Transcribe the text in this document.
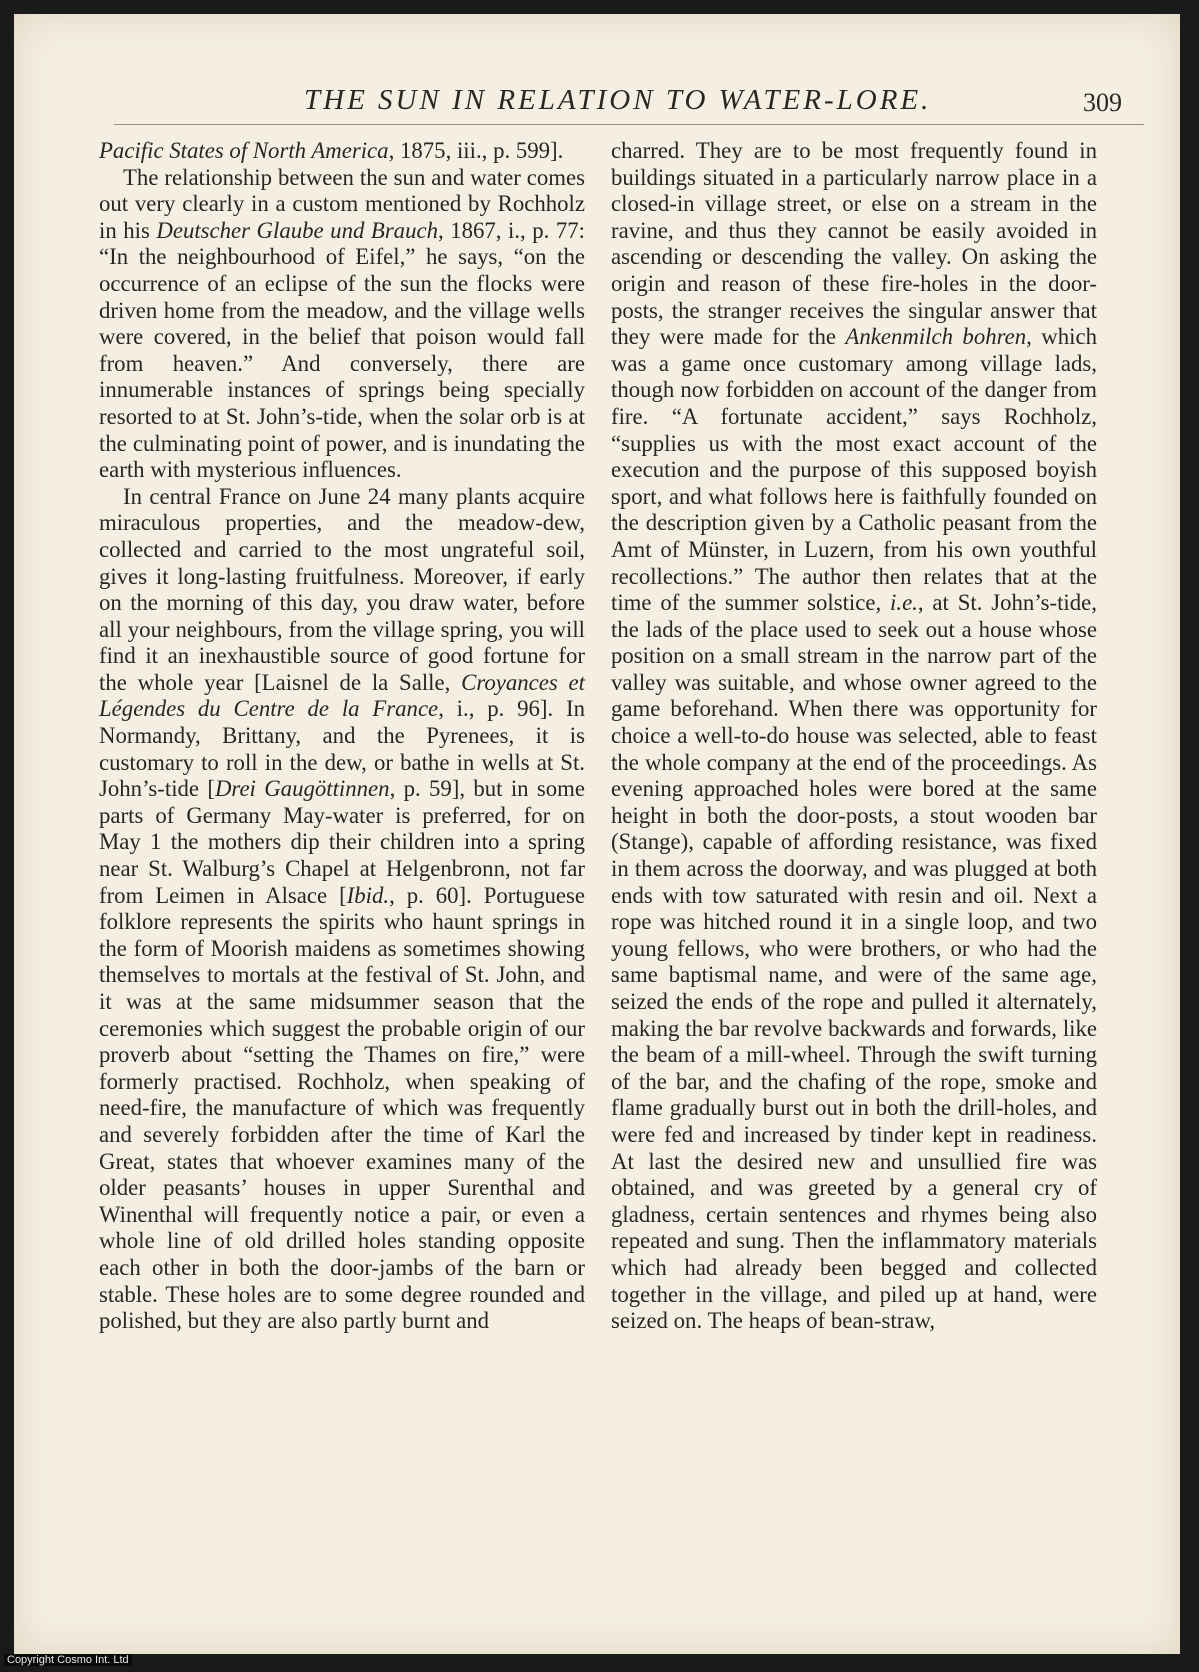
THE SUN IN RELATION TO WATER-LORE.	309

Pacific States of North America, 1875, iii., p. 599].

The relationship between the sun and water comes out very clearly in a custom mentioned by Rochholz in his Deutscher Glaube und Brauch, 1867, i., p. 77: “In the neighbourhood of Eifel,” he says, “on the occurrence of an eclipse of the sun the flocks were driven home from the meadow, and the village wells were covered, in the belief that poison would fall from heaven.” And conversely, there are innumerable instances of springs being specially resorted to at St. John’s-tide, when the solar orb is at the culminating point of power, and is inundating the earth with mysterious influences.

In central France on June 24 many plants acquire miraculous properties, and the meadow-dew, collected and carried to the most ungrateful soil, gives it long-lasting fruitfulness. Moreover, if early on the morning of this day, you draw water, before all your neighbours, from the village spring, you will find it an inexhaustible source of good fortune for the whole year [Laisnel de la Salle, Croyances et Légendes du Centre de la France, i., p. 96]. In Normandy, Brittany, and the Pyrenees, it is customary to roll in the dew, or bathe in wells at St. John’s-tide [Drei Gaugöttinnen, p. 59], but in some parts of Germany May-water is preferred, for on May 1 the mothers dip their children into a spring near St. Walburg’s Chapel at Helgenbronn, not far from Leimen in Alsace [Ibid., p. 60]. Portuguese folklore represents the spirits who haunt springs in the form of Moorish maidens as sometimes showing themselves to mortals at the festival of St. John, and it was at the same midsummer season that the ceremonies which suggest the probable origin of our proverb about “setting the Thames on fire,” were formerly practised. Rochholz, when speaking of need-fire, the manufacture of which was frequently and severely forbidden after the time of Karl the Great, states that whoever examines many of the older peasants’ houses in upper Surenthal and Winenthal will frequently notice a pair, or even a whole line of old drilled holes standing opposite each other in both the door-jambs of the barn or stable. These holes are to some degree rounded and polished, but they are also partly burnt and

charred. They are to be most frequently found in buildings situated in a particularly narrow place in a closed-in village street, or else on a stream in the ravine, and thus they cannot be easily avoided in ascending or descending the valley. On asking the origin and reason of these fire-holes in the door-posts, the stranger receives the singular answer that they were made for the Ankenmilch bohren, which was a game once customary among village lads, though now forbidden on account of the danger from fire. “A fortunate accident,” says Rochholz, “supplies us with the most exact account of the execution and the purpose of this supposed boyish sport, and what follows here is faithfully founded on the description given by a Catholic peasant from the Amt of Münster, in Luzern, from his own youthful recollections.” The author then relates that at the time of the summer solstice, i.e., at St. John’s-tide, the lads of the place used to seek out a house whose position on a small stream in the narrow part of the valley was suitable, and whose owner agreed to the game beforehand. When there was opportunity for choice a well-to-do house was selected, able to feast the whole company at the end of the proceedings. As evening approached holes were bored at the same height in both the door-posts, a stout wooden bar (Stange), capable of affording resistance, was fixed in them across the doorway, and was plugged at both ends with tow saturated with resin and oil. Next a rope was hitched round it in a single loop, and two young fellows, who were brothers, or who had the same baptismal name, and were of the same age, seized the ends of the rope and pulled it alternately, making the bar revolve backwards and forwards, like the beam of a mill-wheel. Through the swift turning of the bar, and the chafing of the rope, smoke and flame gradually burst out in both the drill-holes, and were fed and increased by tinder kept in readiness. At last the desired new and unsullied fire was obtained, and was greeted by a general cry of gladness, certain sentences and rhymes being also repeated and sung. Then the inflammatory materials which had already been begged and collected together in the village, and piled up at hand, were seized on. The heaps of bean-straw,

Copyright Cosmo Int. Ltd
